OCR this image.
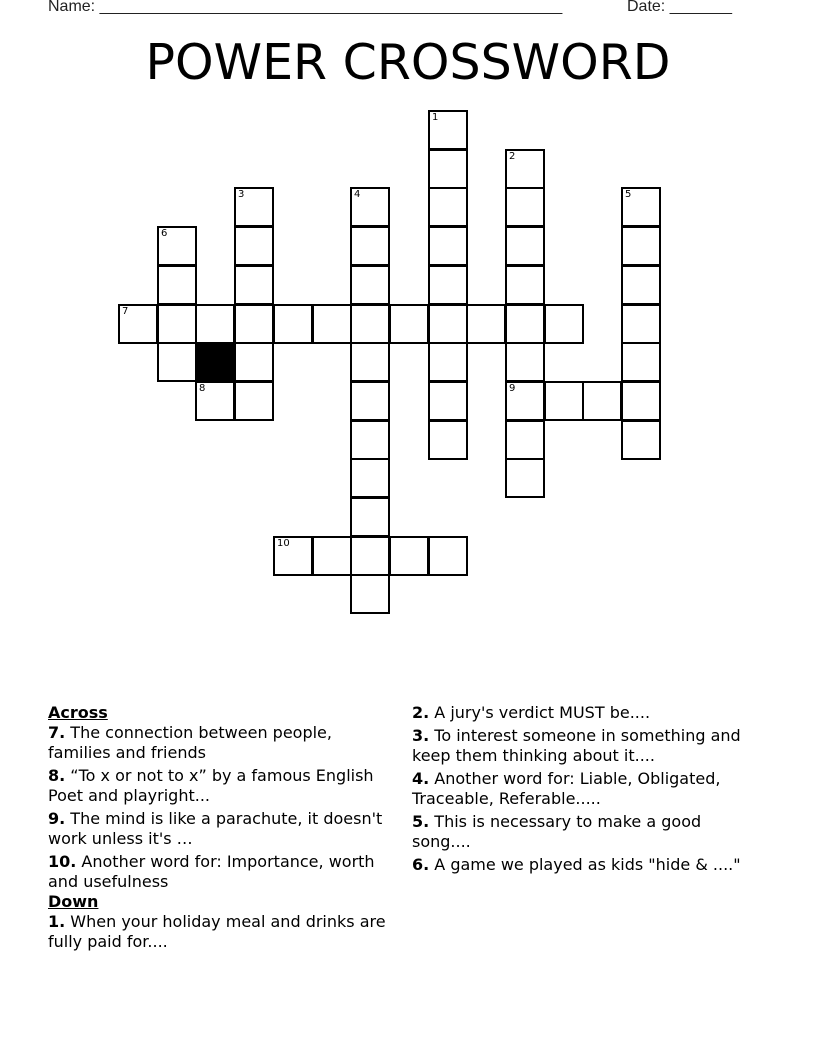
Name: ____________________________________________________	Date: _______
POWER CROSSWORD
1
2
9
3	4	5
6
7
8
10

Across

7. The connection between people, families and friends

8. “To x or not to x” by a famous English Poet and playright...

9. The mind is like a parachute, it doesn't work unless it's …

10. Another word for: Importance, worth and usefulness

Down

1. When your holiday meal and drinks are fully paid for....

2. A jury's verdict MUST be....

3. To interest someone in something and keep them thinking about it....

4. Another word for: Liable, Obligated, Traceable, Referable.....

5. This is necessary to make a good song....

6. A game we played as kids "hide & ...."
